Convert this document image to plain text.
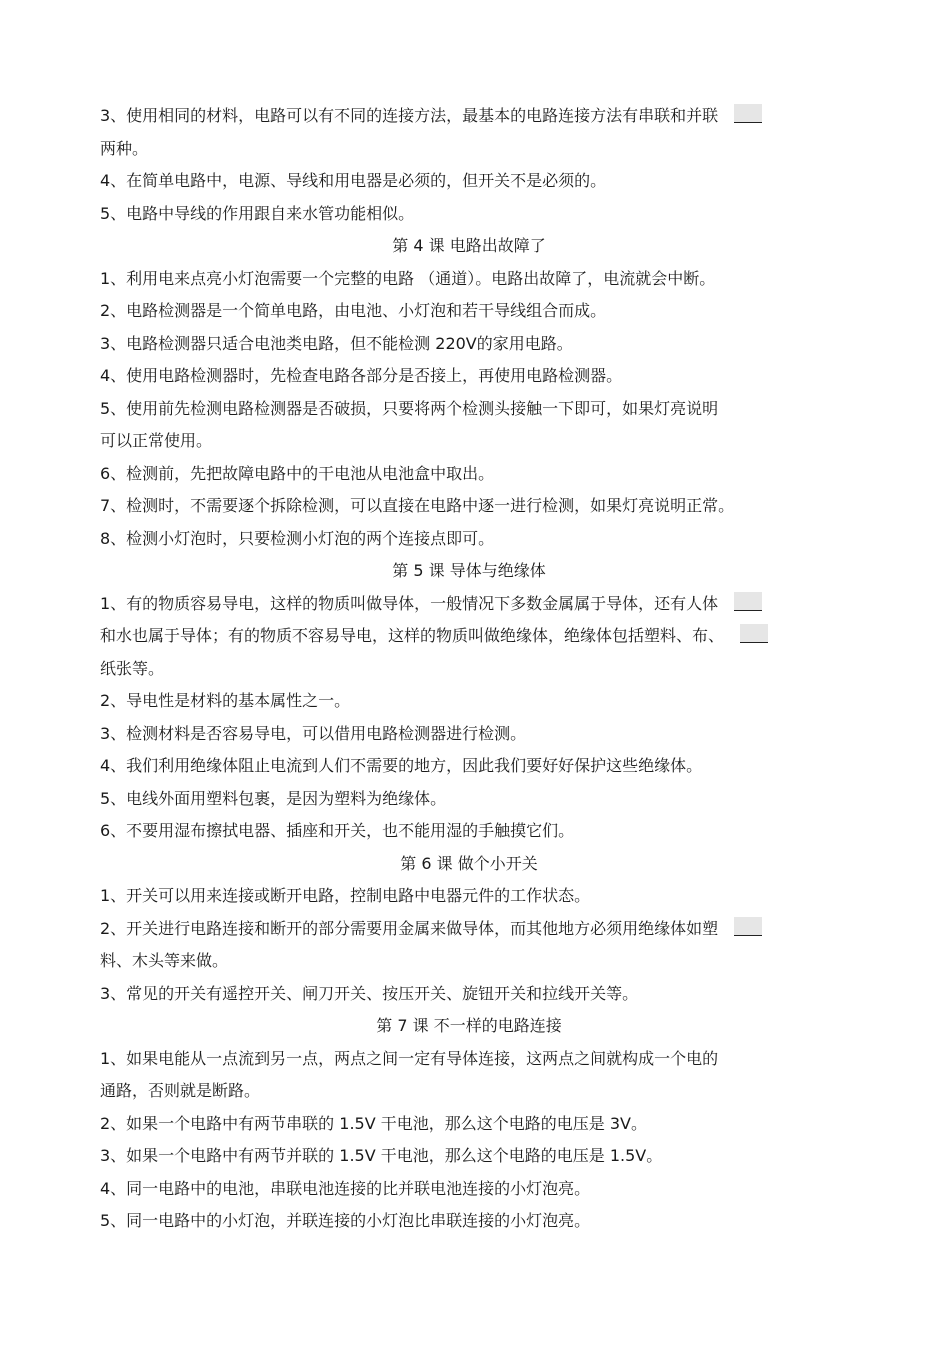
3、使用相同的材料，电路可以有不同的连接方法，最基本的电路连接方法有串联和并联
两种。
4、在简单电路中，电源、导线和用电器是必须的，但开关不是必须的。
5、电路中导线的作用跟自来水管功能相似。
第 4 课 电路出故障了
1、利用电来点亮小灯泡需要一个完整的电路 （通道）。电路出故障了，电流就会中断。
2、电路检测器是一个简单电路，由电池、小灯泡和若干导线组合而成。
3、电路检测器只适合电池类电路，但不能检测 220V的家用电路。
4、使用电路检测器时，先检查电路各部分是否接上，再使用电路检测器。
5、使用前先检测电路检测器是否破损，只要将两个检测头接触一下即可，如果灯亮说明
可以正常使用。
6、检测前，先把故障电路中的干电池从电池盒中取出。
7、检测时，不需要逐个拆除检测，可以直接在电路中逐一进行检测，如果灯亮说明正常。
8、检测小灯泡时，只要检测小灯泡的两个连接点即可。
第 5 课 导体与绝缘体
1、有的物质容易导电，这样的物质叫做导体，一般情况下多数金属属于导体，还有人体
和水也属于导体；有的物质不容易导电，这样的物质叫做绝缘体，绝缘体包括塑料、布、
纸张等。
2、导电性是材料的基本属性之一。
3、检测材料是否容易导电，可以借用电路检测器进行检测。
4、我们利用绝缘体阻止电流到人们不需要的地方，因此我们要好好保护这些绝缘体。
5、电线外面用塑料包裹，是因为塑料为绝缘体。
6、不要用湿布擦拭电器、插座和开关，也不能用湿的手触摸它们。
第 6 课 做个小开关
1、开关可以用来连接或断开电路，控制电路中电器元件的工作状态。
2、开关进行电路连接和断开的部分需要用金属来做导体，而其他地方必须用绝缘体如塑
料、木头等来做。
3、常见的开关有遥控开关、闸刀开关、按压开关、旋钮开关和拉线开关等。
第 7 课 不一样的电路连接
1、如果电能从一点流到另一点，两点之间一定有导体连接，这两点之间就构成一个电的
通路，否则就是断路。
2、如果一个电路中有两节串联的 1.5V 干电池，那么这个电路的电压是 3V。
3、如果一个电路中有两节并联的 1.5V 干电池，那么这个电路的电压是 1.5V。
4、同一电路中的电池，串联电池连接的比并联电池连接的小灯泡亮。
5、同一电路中的小灯泡，并联连接的小灯泡比串联连接的小灯泡亮。
